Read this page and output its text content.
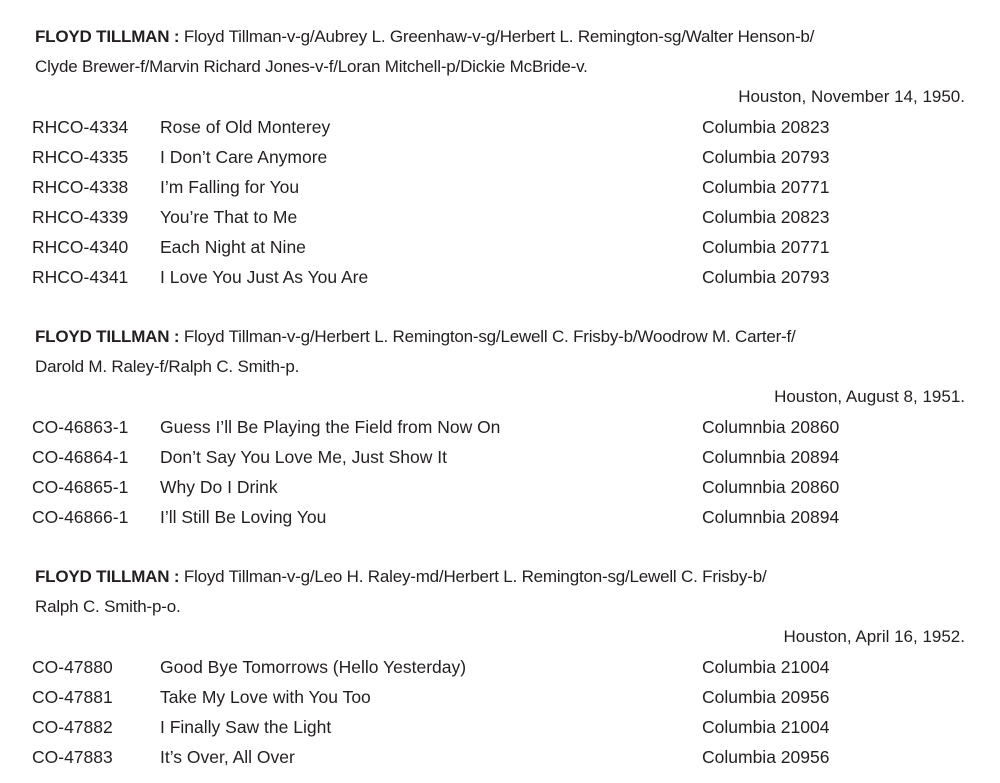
FLOYD TILLMAN : Floyd Tillman-v-g/Aubrey L. Greenhaw-v-g/Herbert L. Remington-sg/Walter Henson-b/
Clyde Brewer-f/Marvin Richard Jones-v-f/Loran Mitchell-p/Dickie McBride-v.
Houston, November 14, 1950.
RHCO-4334 Rose of Old Monterey	Columbia 20823
RHCO-4335 I Don’t Care Anymore	Columbia 20793
RHCO-4338 I’m Falling for You	Columbia 20771
RHCO-4339 You’re That to Me	Columbia 20823
RHCO-4340 Each Night at Nine	Columbia 20771
RHCO-4341 I Love You Just As You Are	Columbia 20793
FLOYD TILLMAN : Floyd Tillman-v-g/Herbert L. Remington-sg/Lewell C. Frisby-b/Woodrow M. Carter-f/
Darold M. Raley-f/Ralph C. Smith-p.
Houston, August 8, 1951.
CO-46863-1 Guess I’ll Be Playing the Field from Now On	Columnbia 20860
CO-46864-1 Don’t Say You Love Me, Just Show It	Columnbia 20894
CO-46865-1 Why Do I Drink	Columnbia 20860
CO-46866-1 I’ll Still Be Loving You	Columnbia 20894
FLOYD TILLMAN : Floyd Tillman-v-g/Leo H. Raley-md/Herbert L. Remington-sg/Lewell C. Frisby-b/
Ralph C. Smith-p-o.
Houston, April 16, 1952.
CO-47880	Good Bye Tomorrows (Hello Yesterday)	Columbia 21004
CO-47881	Take My Love with You Too	Columbia 20956
CO-47882	I Finally Saw the Light	Columbia 21004
CO-47883	It’s Over, All Over	Columbia 20956
